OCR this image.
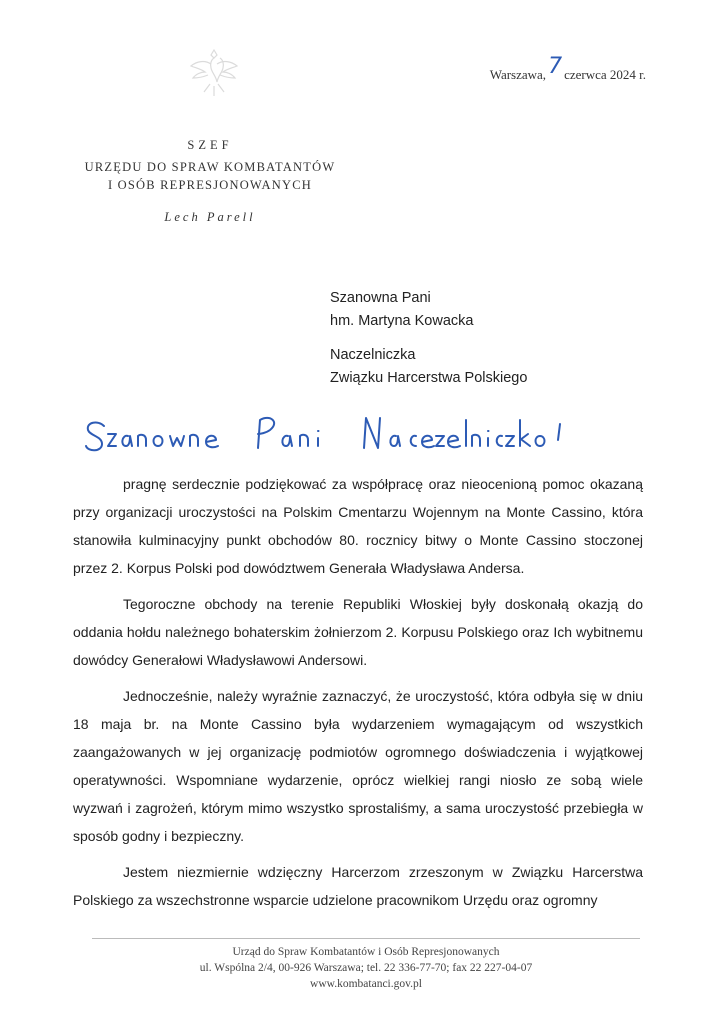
Warszawa,7 czerwca 2024 r.
SZEF
URZĘDU DO SPRAW KOMBATANTÓW
I OSÓB REPRESJONOWANYCH
Lech Parell
Szanowna Pani
hm. Martyna Kowacka
Naczelniczka
Związku Harcerstwa Polskiego

pragnę serdecznie podziękować za współpracę oraz nieocenioną pomoc okazaną przy organizacji uroczystości na Polskim Cmentarzu Wojennym na Monte Cassino, która stanowiła kulminacyjny punkt obchodów 80. rocznicy bitwy o Monte Cassino stoczonej przez 2. Korpus Polski pod dowództwem Generała Władysława Andersa.

Tegoroczne obchody na terenie Republiki Włoskiej były doskonałą okazją do oddania hołdu należnego bohaterskim żołnierzom 2. Korpusu Polskiego oraz Ich wybitnemu dowódcy Generałowi Władysławowi Andersowi.

Jednocześnie, należy wyraźnie zaznaczyć, że uroczystość, która odbyła się w dniu 18 maja br. na Monte Cassino była wydarzeniem wymagającym od wszystkich zaangażowanych w jej organizację podmiotów ogromnego doświadczenia i wyjątkowej operatywności. Wspomniane wydarzenie, oprócz wielkiej rangi niosło ze sobą wiele wyzwań i zagrożeń, którym mimo wszystko sprostaliśmy, a sama uroczystość przebiegła w sposób godny i bezpieczny.

Jestem niezmiernie wdzięczny Harcerzom zrzeszonym w Związku Harcerstwa Polskiego za wszechstronne wsparcie udzielone pracownikom Urzędu oraz ogromny

Urząd do Spraw Kombatantów i Osób Represjonowanych
ul. Wspólna 2/4, 00-926 Warszawa; tel. 22 336-77-70; fax 22 227-04-07
www.kombatanci.gov.pl
